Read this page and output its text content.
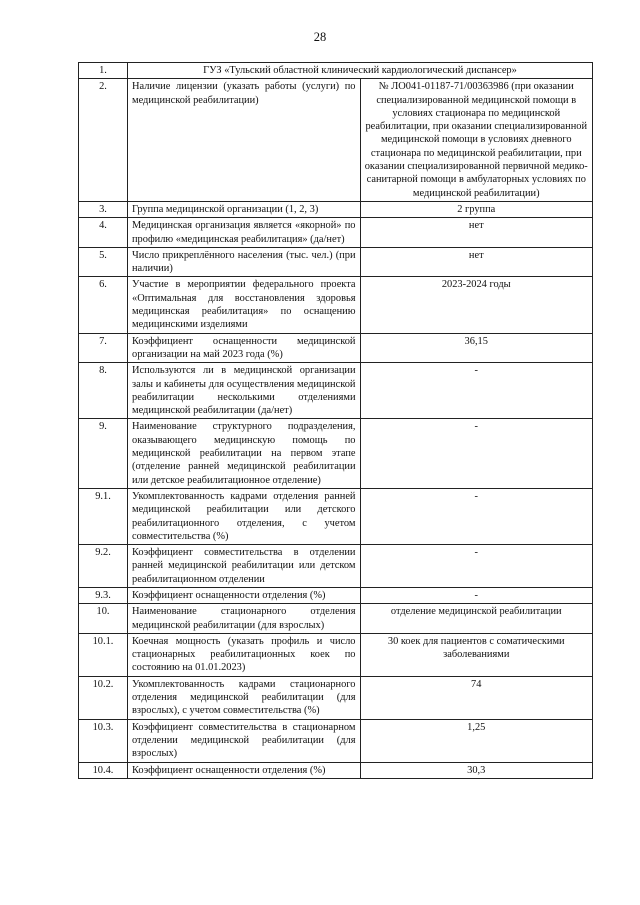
28
1.	ГУЗ «Тульский областной клинический кардиологический диспансер»	
2.	Наличие лицензии (указать работы (услуги) по медицинской реабилитации)	№ ЛО041-01187-71/00363986 (при оказании специализированной медицинской помощи в условиях стационара по медицинской реабилитации, при оказании специализированной медицинской помощи в условиях дневного стационара по медицинской реабилитации, при оказании специализированной первичной медико-санитарной помощи в амбулаторных условиях по медицинской реабилитации)
3.	Группа медицинской организации (1, 2, 3)	2 группа
4.	Медицинская организация является «якорной» по профилю «медицинская реабилитация» (да/нет)	нет
5.	Число прикреплённого населения (тыс. чел.) (при наличии)	нет
6.	Участие в мероприятии федерального проекта «Оптимальная для восстановления здоровья медицинская реабилитация» по оснащению медицинскими изделиями	2023-2024 годы
7.	Коэффициент оснащенности медицинской организации на май 2023 года (%)	36,15
8.	Используются ли в медицинской организации залы и кабинеты для осуществления медицинской реабилитации несколькими отделениями медицинской реабилитации (да/нет)	-
9.	Наименование структурного подразделения, оказывающего медицинскую помощь по медицинской реабилитации на первом этапе (отделение ранней медицинской реабилитации или детское реабилитационное отделение)	-
9.1.	Укомплектованность кадрами отделения ранней медицинской реабилитации или детского реабилитационного отделения, с учетом совместительства (%)	-
9.2.	Коэффициент совместительства в отделении ранней медицинской реабилитации или детском реабилитационном отделении	-
9.3.	Коэффициент оснащенности отделения (%)	-
10.	Наименование стационарного отделения медицинской реабилитации (для взрослых)	отделение медицинской реабилитации
10.1.	Коечная мощность (указать профиль и число стационарных реабилитационных коек по состоянию на 01.01.2023)	30 коек для пациентов с соматическими заболеваниями
10.2.	Укомплектованность кадрами стационарного отделения медицинской реабилитации (для взрослых), с учетом совместительства (%)	74
10.3.	Коэффициент совместительства в стационарном отделении медицинской реабилитации (для взрослых)	1,25
10.4.	Коэффициент оснащенности отделения (%)	30,3
